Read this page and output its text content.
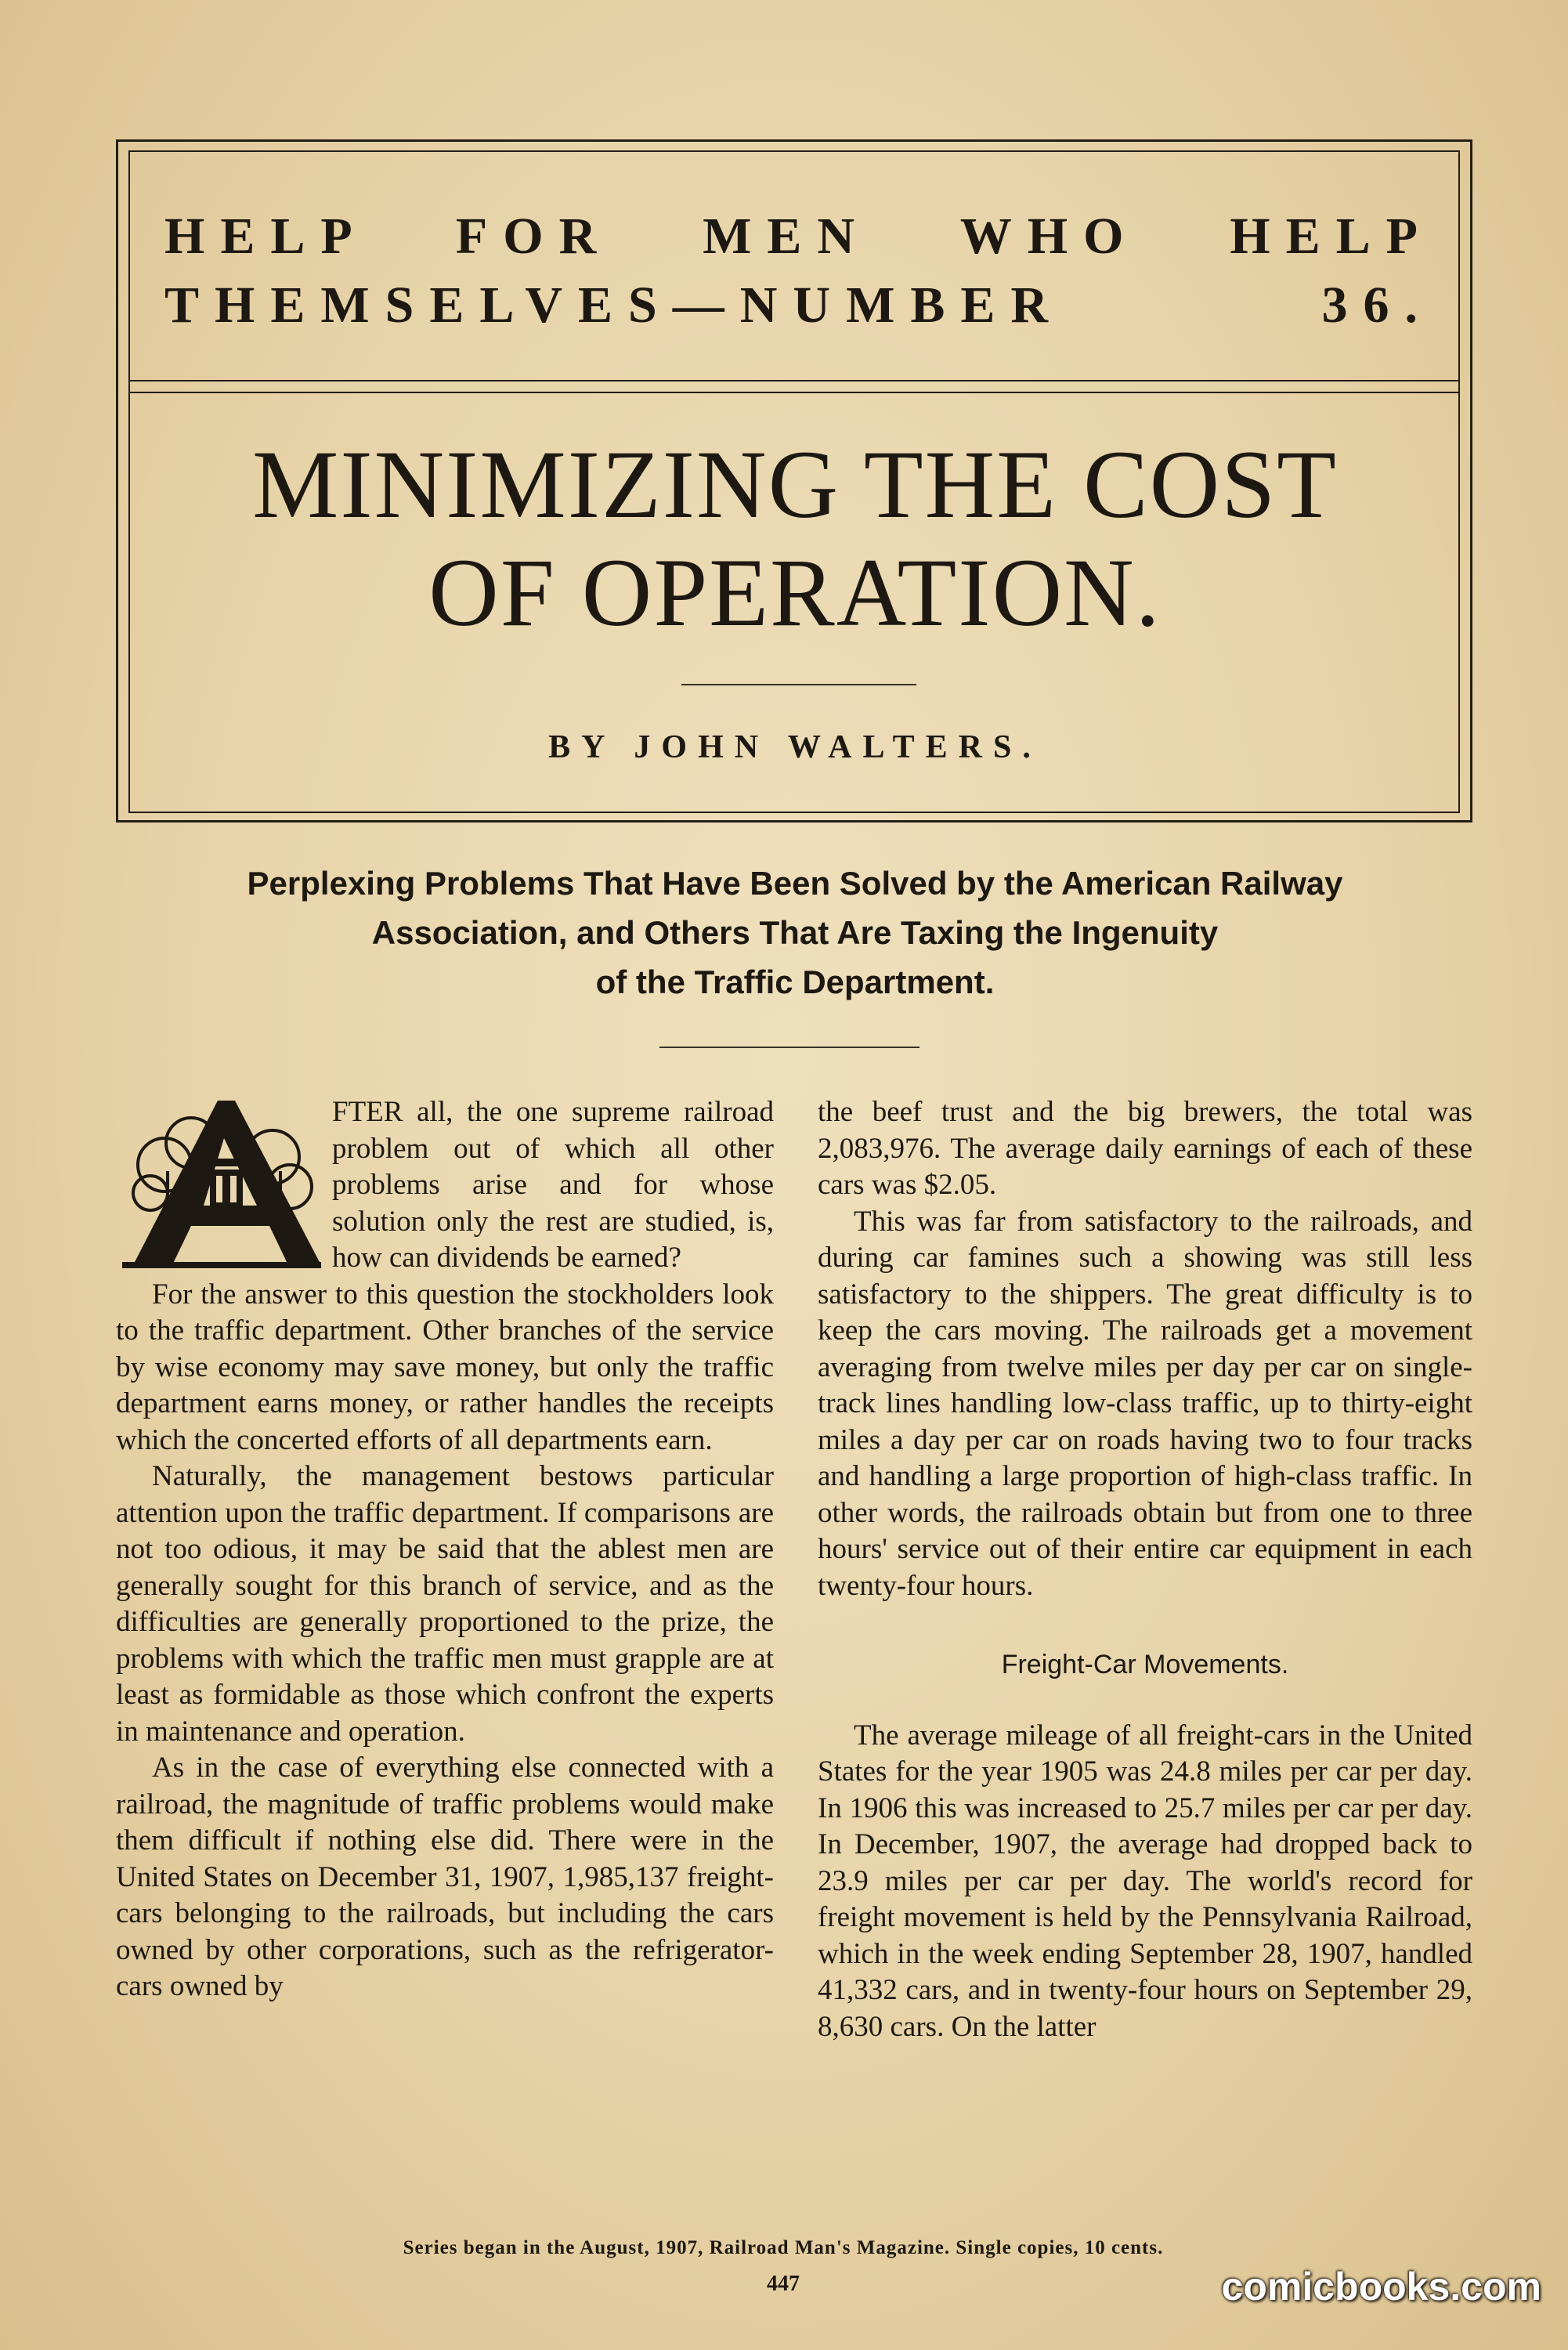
HELP FOR MEN WHO HELP THEMSELVES—NUMBER 36.
MINIMIZING THE COST
OF OPERATION.
BY JOHN WALTERS.
Perplexing Problems That Have Been Solved by the American Railway
Association, and Others That Are Taxing the Ingenuity
of the Traffic Department.

FTER all, the one supreme railroad problem out of which all other problems arise and for whose solution only the rest are studied, is, how can dividends be earned?

For the answer to this question the stockholders look to the traffic department. Other branches of the service by wise economy may save money, but only the traffic department earns money, or rather handles the receipts which the concerted efforts of all departments earn.

Naturally, the management bestows particular attention upon the traffic department. If comparisons are not too odious, it may be said that the ablest men are generally sought for this branch of service, and as the difficulties are generally proportioned to the prize, the problems with which the traffic men must grapple are at least as formidable as those which confront the experts in maintenance and operation.

As in the case of everything else connected with a railroad, the magnitude of traffic problems would make them difficult if nothing else did. There were in the United States on December 31, 1907, 1,985,137 freight-cars belonging to the railroads, but including the cars owned by other corporations, such as the refrigerator-cars owned by

the beef trust and the big brewers, the total was 2,083,976. The average daily earnings of each of these cars was $2.05.

This was far from satisfactory to the railroads, and during car famines such a showing was still less satisfactory to the shippers. The great difficulty is to keep the cars moving. The railroads get a movement averaging from twelve miles per day per car on single-track lines handling low-class traffic, up to thirty-eight miles a day per car on roads having two to four tracks and handling a large proportion of high-class traffic. In other words, the railroads obtain but from one to three hours' service out of their entire car equipment in each twenty-four hours.

Freight-Car Movements.

The average mileage of all freight-cars in the United States for the year 1905 was 24.8 miles per car per day. In 1906 this was increased to 25.7 miles per car per day. In December, 1907, the average had dropped back to 23.9 miles per car per day. The world's record for freight movement is held by the Pennsylvania Railroad, which in the week ending September 28, 1907, handled 41,332 cars, and in twenty-four hours on September 29, 8,630 cars. On the latter

Series began in the August, 1907, Railroad Man's Magazine. Single copies, 10 cents.
447	comicbooks.com
